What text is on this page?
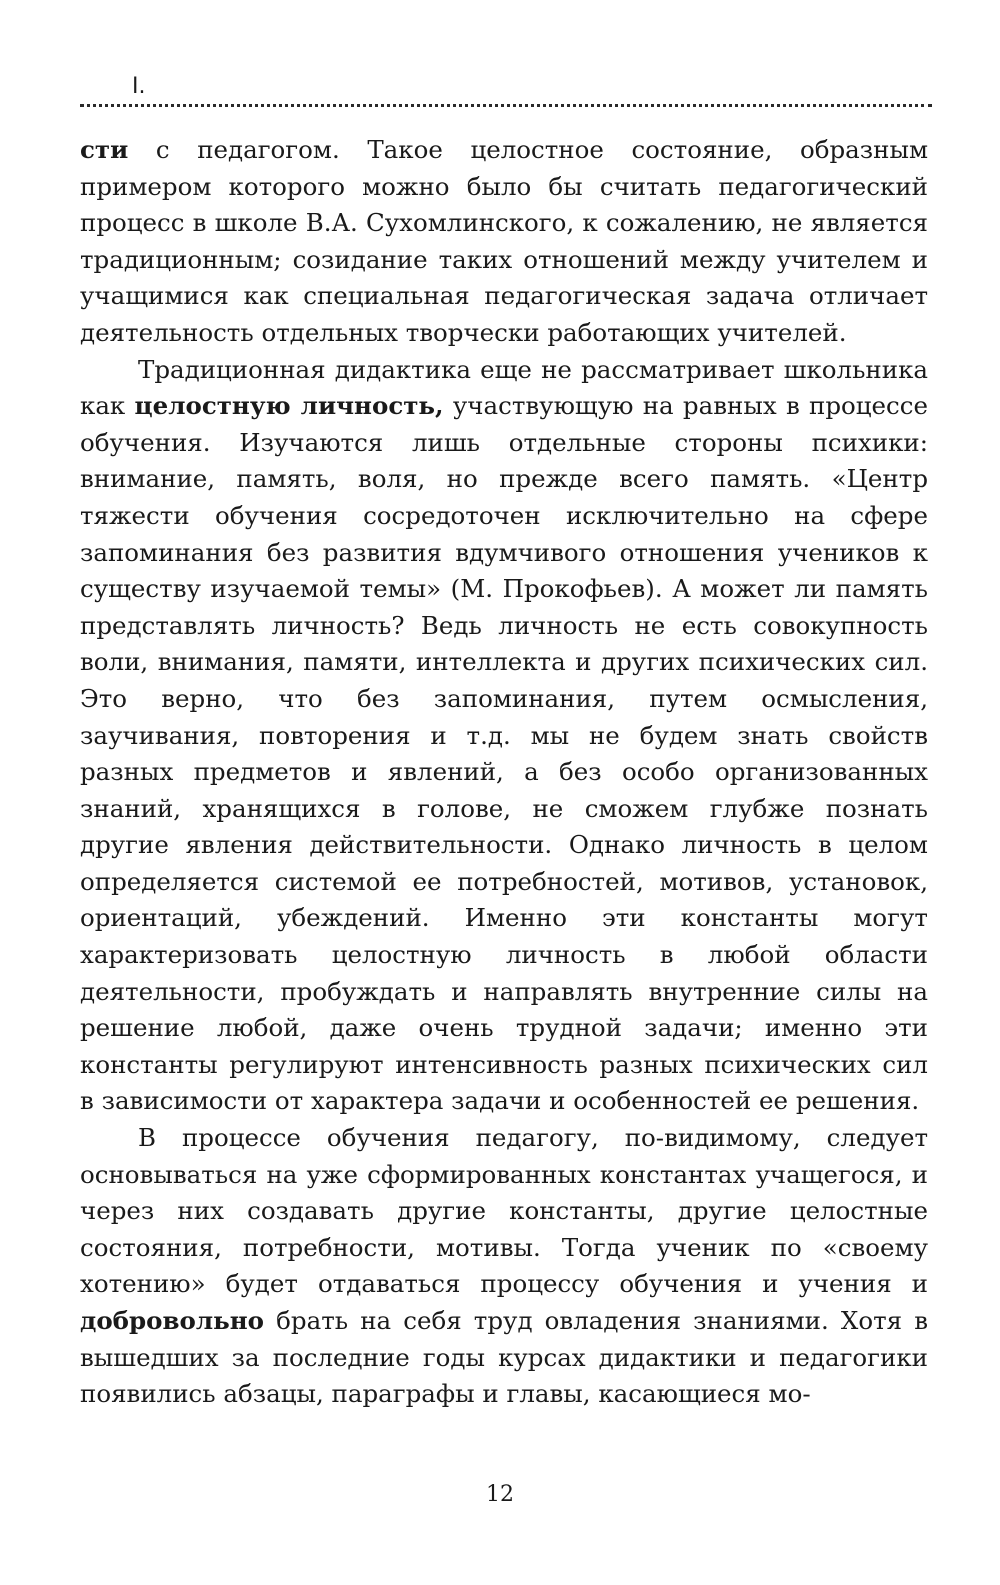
I.

сти с педагогом. Такое целостное состояние, образным примером которого можно было бы считать педагогический процесс в школе В.А. Сухомлинского, к сожалению, не является традиционным; созидание таких отношений между учителем и учащимися как специальная педагогическая задача отличает деятельность отдельных творчески работающих учителей.

Традиционная дидактика еще не рассматривает школьника как целостную личность, участвующую на равных в процессе обучения. Изучаются лишь отдельные стороны психики: внимание, память, воля, но прежде всего память. «Центр тяжести обучения сосредоточен исключительно на сфере запоминания без развития вдумчивого отношения учеников к существу изучаемой темы» (М. Прокофьев). А может ли память представлять личность? Ведь личность не есть совокупность воли, внимания, памяти, интеллекта и других психических сил. Это верно, что без запоминания, путем осмысления, заучивания, повторения и т.д. мы не будем знать свойств разных предметов и явлений, а без особо организованных знаний, хранящихся в голове, не сможем глубже познать другие явления действительности. Однако личность в целом определяется системой ее потребностей, мотивов, установок, ориентаций, убеждений. Именно эти константы могут характеризовать целостную личность в любой области деятельности, пробуждать и направлять внутренние силы на решение любой, даже очень трудной задачи; именно эти константы регулируют интенсивность разных психических сил в зависимости от характера задачи и особенностей ее решения.

В процессе обучения педагогу, по-видимому, следует основываться на уже сформированных константах учащегося, и через них создавать другие константы, другие целостные состояния, потребности, мотивы. Тогда ученик по «своему хотению» будет отдаваться процессу обучения и учения и добровольно брать на себя труд овладения знаниями. Хотя в вышедших за последние годы курсах дидактики и педагогики появились абзацы, параграфы и главы, касающиеся мо-

12
